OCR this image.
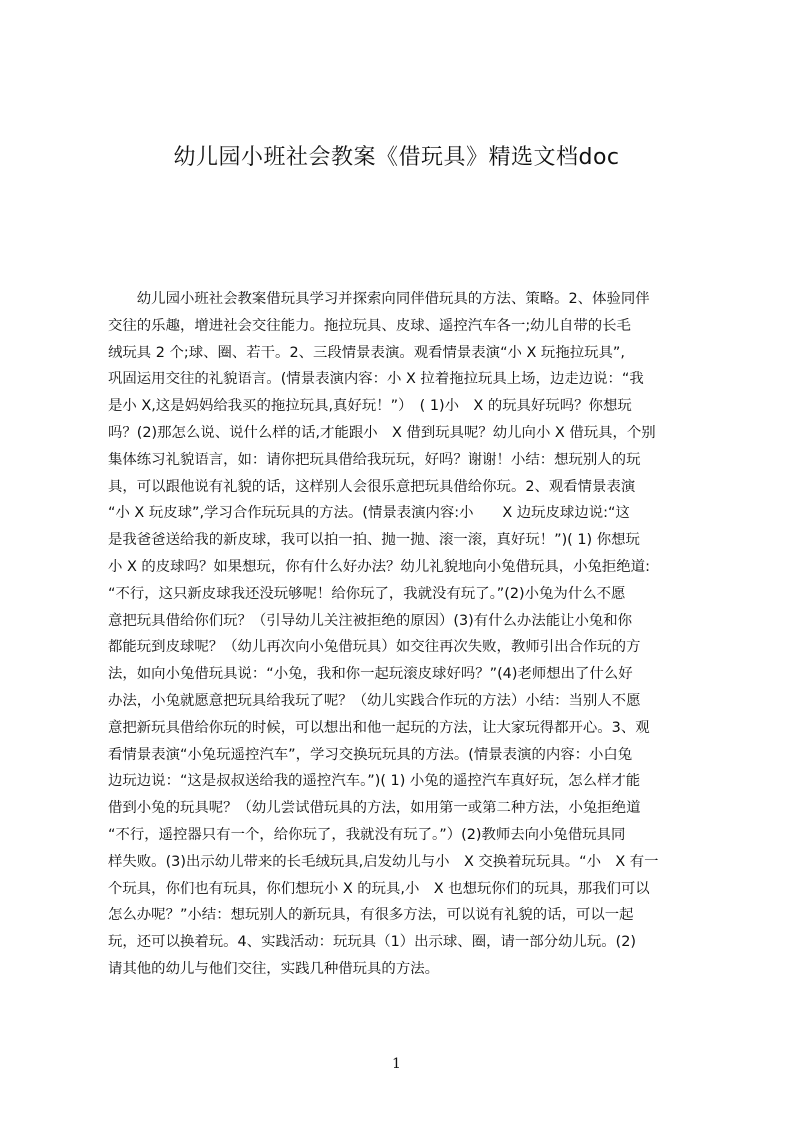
幼儿园小班社会教案《借玩具》精选文档doc
　　幼儿园小班社会教案借玩具学习并探索向同伴借玩具的方法、策略。2、体验同伴
交往的乐趣，增进社会交往能力。拖拉玩具、皮球、遥控汽车各一;幼儿自带的长毛
绒玩具 2 个;球、圈、若干。2、三段情景表演。观看情景表演“小 X 玩拖拉玩具”,
巩固运用交往的礼貌语言。(情景表演内容：小 X 拉着拖拉玩具上场，边走边说：“我
是小 X,这是妈妈给我买的拖拉玩具,真好玩！”）　( 1)小　X 的玩具好玩吗？你想玩
吗？(2)那怎么说、说什么样的话,才能跟小　X 借到玩具呢？幼儿向小 X 借玩具，个别
集体练习礼貌语言，如：请你把玩具借给我玩玩，好吗？谢谢！小结：想玩别人的玩
具，可以跟他说有礼貌的话，这样别人会很乐意把玩具借给你玩。2、观看情景表演
“小 X 玩皮球”,学习合作玩玩具的方法。(情景表演内容:小　　X 边玩皮球边说:“这
是我爸爸送给我的新皮球，我可以拍一拍、抛一抛、滚一滚，真好玩！”)( 1) 你想玩
小 X 的皮球吗？如果想玩，你有什么好办法？幼儿礼貌地向小兔借玩具，小兔拒绝道:
“不行，这只新皮球我还没玩够呢！给你玩了，我就没有玩了。”(2)小兔为什么不愿
意把玩具借给你们玩？（引导幼儿关注被拒绝的原因）(3)有什么办法能让小兔和你
都能玩到皮球呢？（幼儿再次向小兔借玩具）如交往再次失败，教师引出合作玩的方
法，如向小兔借玩具说：“小兔，我和你一起玩滚皮球好吗？”(4)老师想出了什么好
办法，小兔就愿意把玩具给我玩了呢？（幼儿实践合作玩的方法）小结：当别人不愿
意把新玩具借给你玩的时候，可以想出和他一起玩的方法，让大家玩得都开心。3、观
看情景表演“小兔玩遥控汽车”，学习交换玩玩具的方法。(情景表演的内容：小白兔
边玩边说：“这是叔叔送给我的遥控汽车。”)( 1) 小兔的遥控汽车真好玩，怎么样才能
借到小兔的玩具呢？（幼儿尝试借玩具的方法，如用第一或第二种方法，小兔拒绝道
“不行，遥控器只有一个，给你玩了，我就没有玩了。”）(2)教师去向小兔借玩具同
样失败。(3)出示幼儿带来的长毛绒玩具,启发幼儿与小　X 交换着玩玩具。“小　X 有一
个玩具，你们也有玩具，你们想玩小 X 的玩具,小　X 也想玩你们的玩具，那我们可以
怎么办呢？”小结：想玩别人的新玩具，有很多方法，可以说有礼貌的话，可以一起
玩，还可以换着玩。4、实践活动：玩玩具（1）出示球、圈，请一部分幼儿玩。(2)
请其他的幼儿与他们交往，实践几种借玩具的方法。
1
